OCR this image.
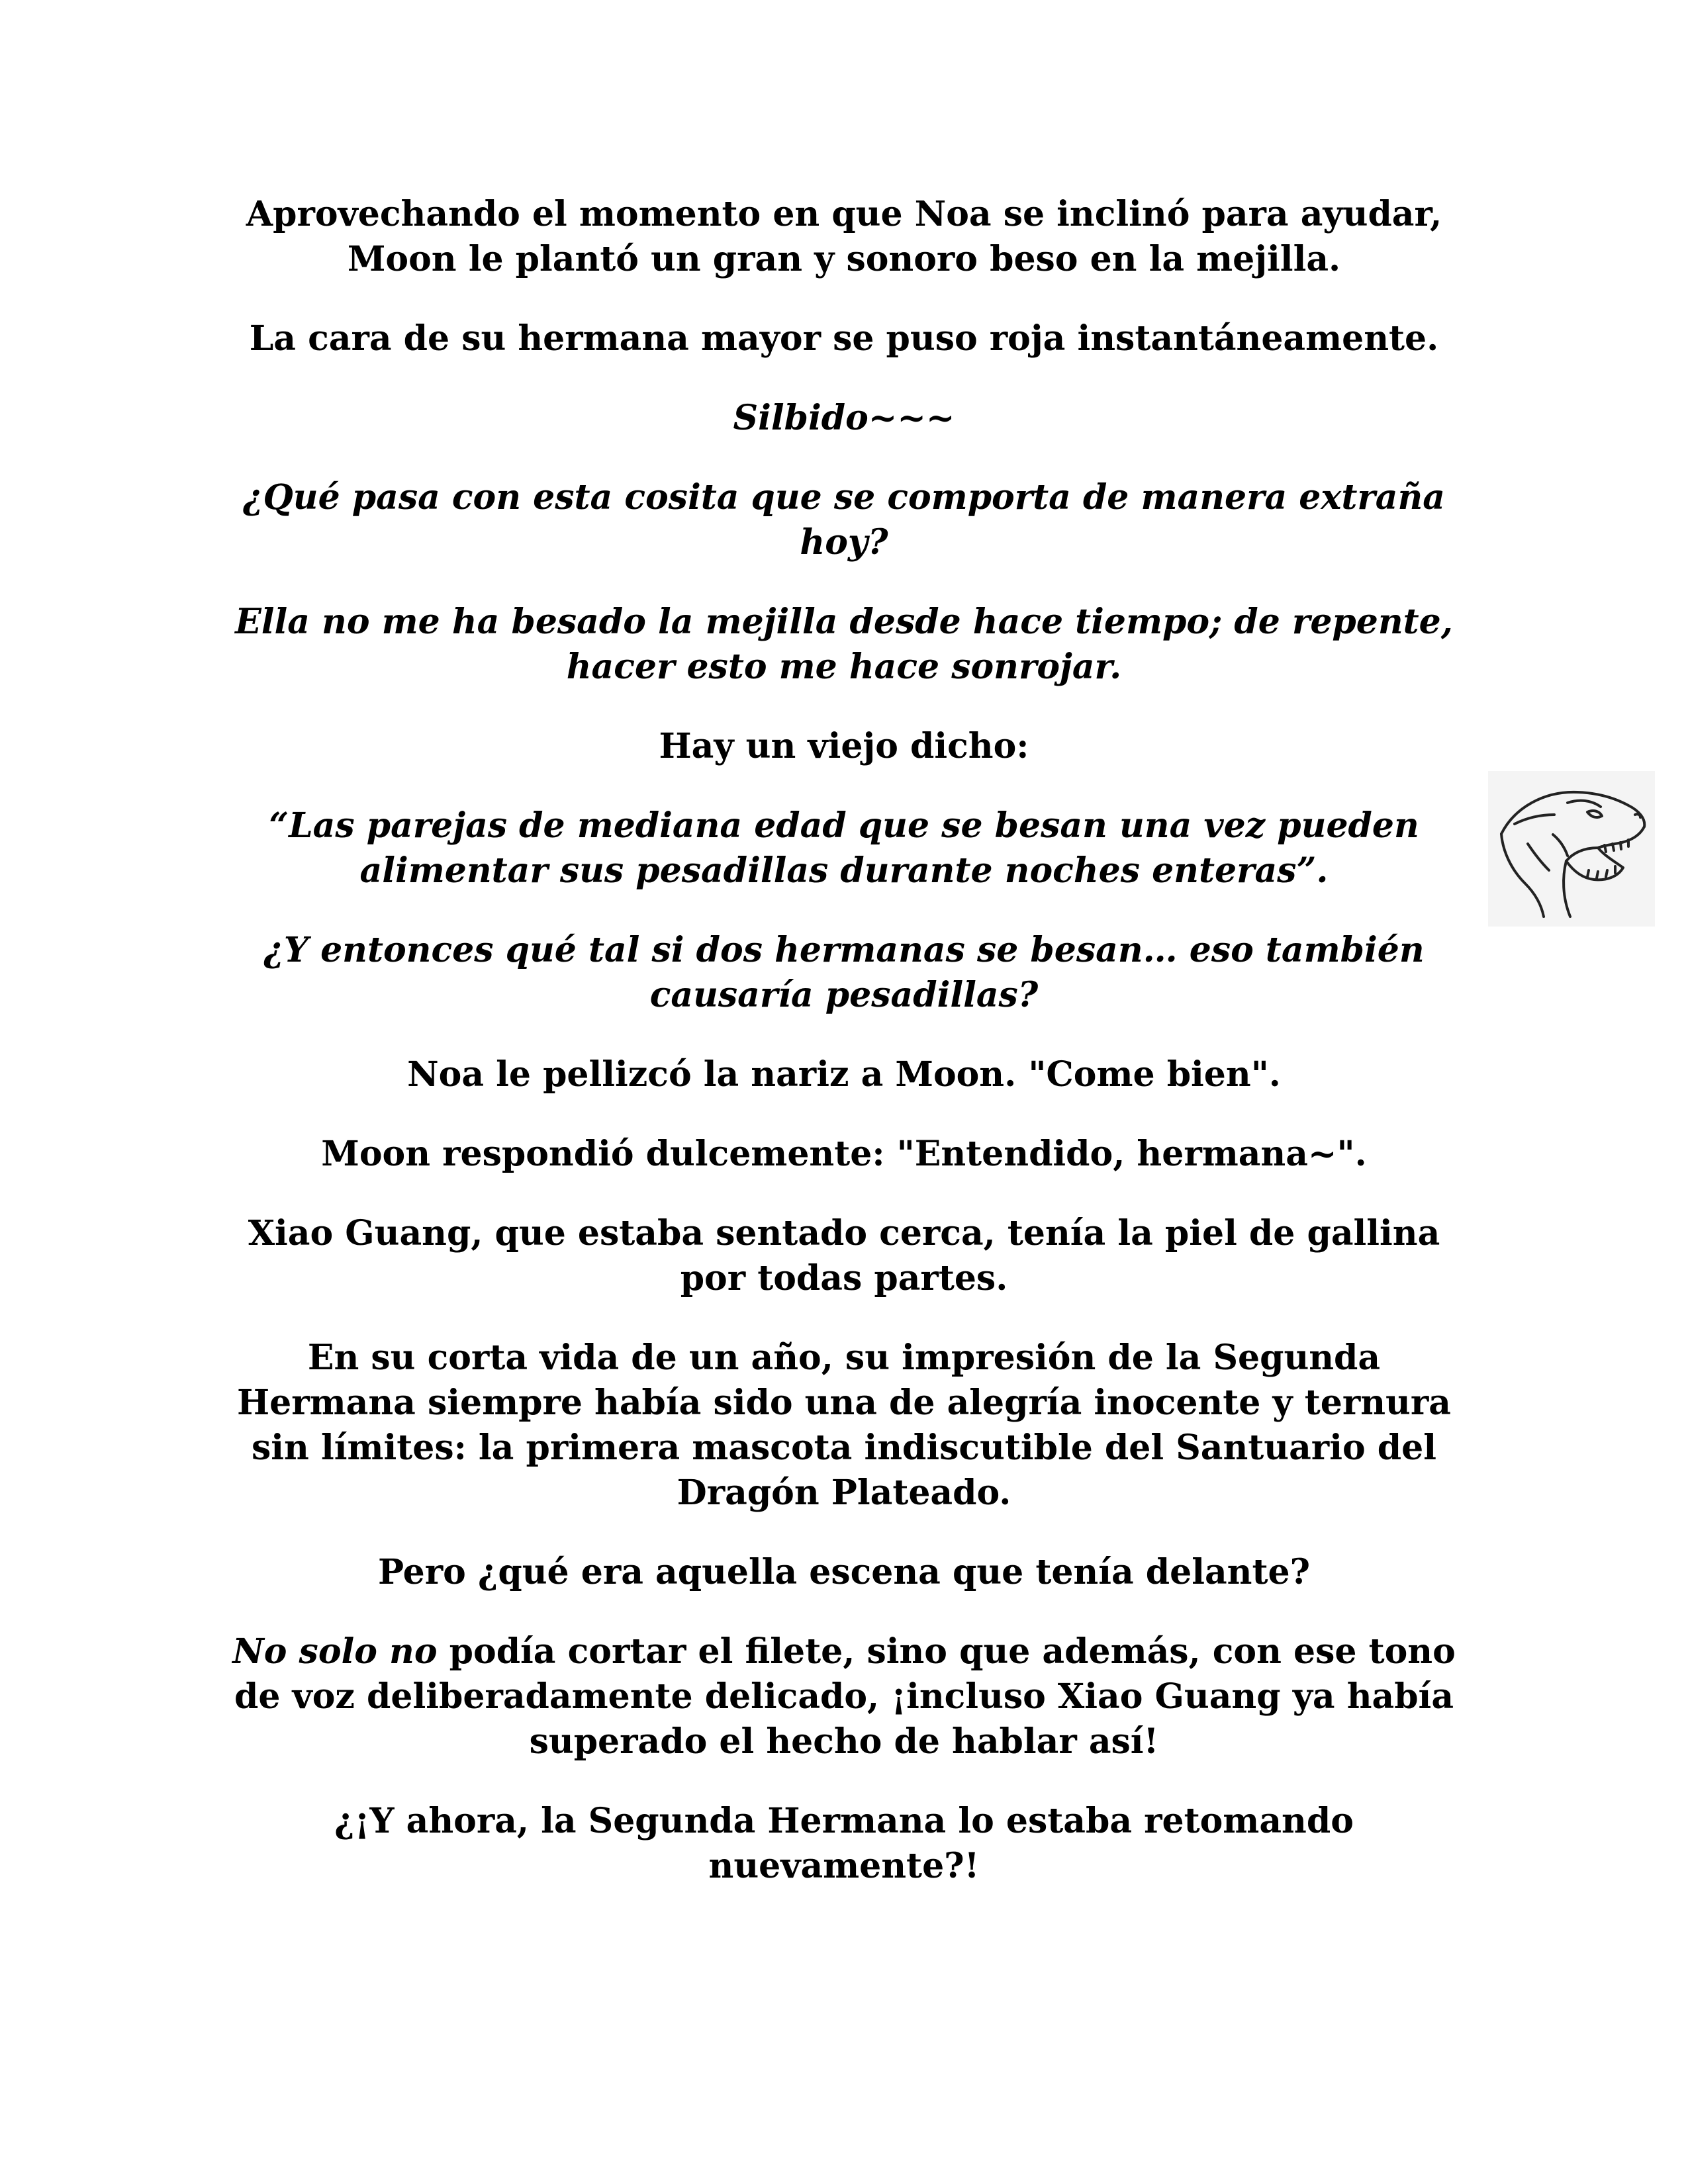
Aprovechando el momento en que Noa se inclinó para ayudar, Moon le plantó un gran y sonoro beso en la mejilla.

La cara de su hermana mayor se puso roja instantáneamente.

Silbido~~~

¿Qué pasa con esta cosita que se comporta de manera extraña hoy?

Ella no me ha besado la mejilla desde hace tiempo; de repente, hacer esto me hace sonrojar.

Hay un viejo dicho:

“Las parejas de mediana edad que se besan una vez pueden alimentar sus pesadillas durante noches enteras”.

¿Y entonces qué tal si dos hermanas se besan… eso también causaría pesadillas?

Noa le pellizcó la nariz a Moon. "Come bien".

Moon respondió dulcemente: "Entendido, hermana~".

Xiao Guang, que estaba sentado cerca, tenía la piel de gallina por todas partes.

En su corta vida de un año, su impresión de la Segunda Hermana siempre había sido una de alegría inocente y ternura sin límites: la primera mascota indiscutible del Santuario del Dragón Plateado.

Pero ¿qué era aquella escena que tenía delante?

No solo no podía cortar el filete, sino que además, con ese tono de voz deliberadamente delicado, ¡incluso Xiao Guang ya había superado el hecho de hablar así!

¿¡Y ahora, la Segunda Hermana lo estaba retomando nuevamente?!
